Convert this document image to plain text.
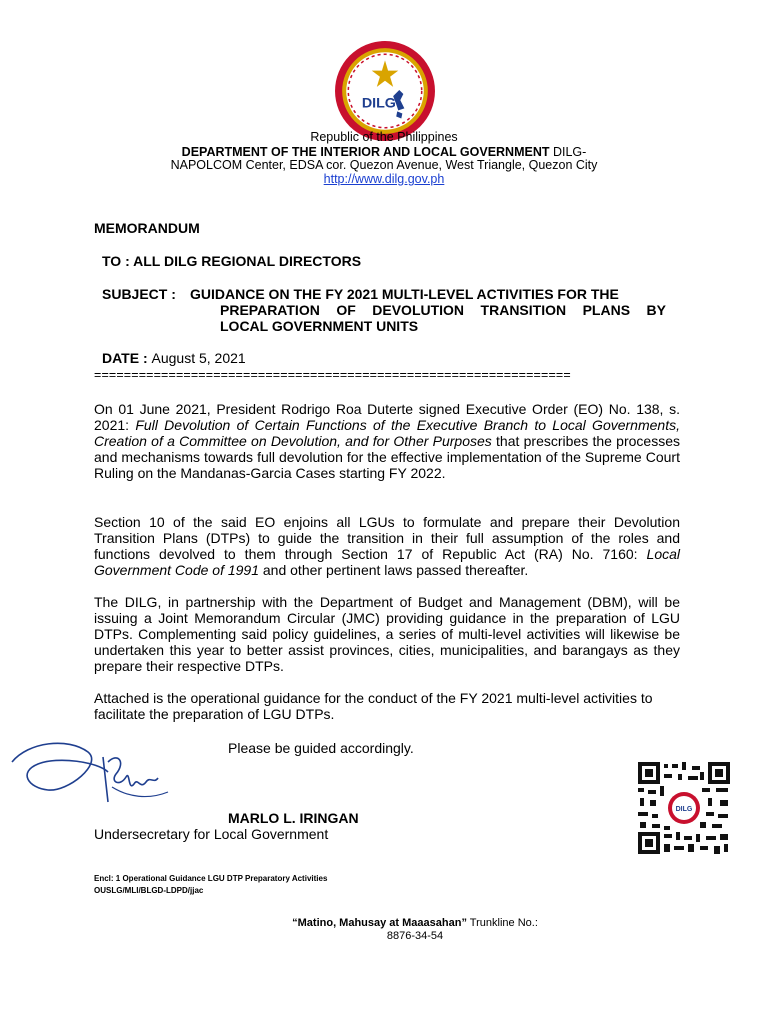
DILG
Republic of the Philippines
DEPARTMENT OF THE INTERIOR AND LOCAL GOVERNMENT DILG-
NAPOLCOM Center, EDSA cor. Quezon Avenue, West Triangle, Quezon City
http://www.dilg.gov.ph
MEMORANDUM
TO : ALL DILG REGIONAL DIRECTORS
SUBJECT : GUIDANCE ON THE FY 2021 MULTI-LEVEL ACTIVITIES FOR THE
PREPARATION OF DEVOLUTION TRANSITION PLANS BY
LOCAL GOVERNMENT UNITS
DATE : August 5, 2021
================================================================
On 01 June 2021, President Rodrigo Roa Duterte signed Executive Order (EO) No. 138, s. 2021: Full Devolution of Certain Functions of the Executive Branch to Local Governments, Creation of a Committee on Devolution, and for Other Purposes that prescribes the processes and mechanisms towards full devolution for the effective implementation of the Supreme Court Ruling on the Mandanas-Garcia Cases starting FY 2022.
Section 10 of the said EO enjoins all LGUs to formulate and prepare their Devolution Transition Plans (DTPs) to guide the transition in their full assumption of the roles and functions devolved to them through Section 17 of Republic Act (RA) No. 7160: Local Government Code of 1991 and other pertinent laws passed thereafter.
The DILG, in partnership with the Department of Budget and Management (DBM), will be issuing a Joint Memorandum Circular (JMC) providing guidance in the preparation of LGU DTPs. Complementing said policy guidelines, a series of multi-level activities will likewise be undertaken this year to better assist provinces, cities, municipalities, and barangays as they prepare their respective DTPs.
Attached is the operational guidance for the conduct of the FY 2021 multi-level activities to facilitate the preparation of LGU DTPs.
Please be guided accordingly.
MARLO L. IRINGAN
Undersecretary for Local Government
DILG
Encl: 1 Operational Guidance LGU DTP Preparatory Activities
OUSLG/MLI/BLGD-LDPD/jjac
“Matino, Mahusay at Maaasahan” Trunkline No.: 8876-34-54
